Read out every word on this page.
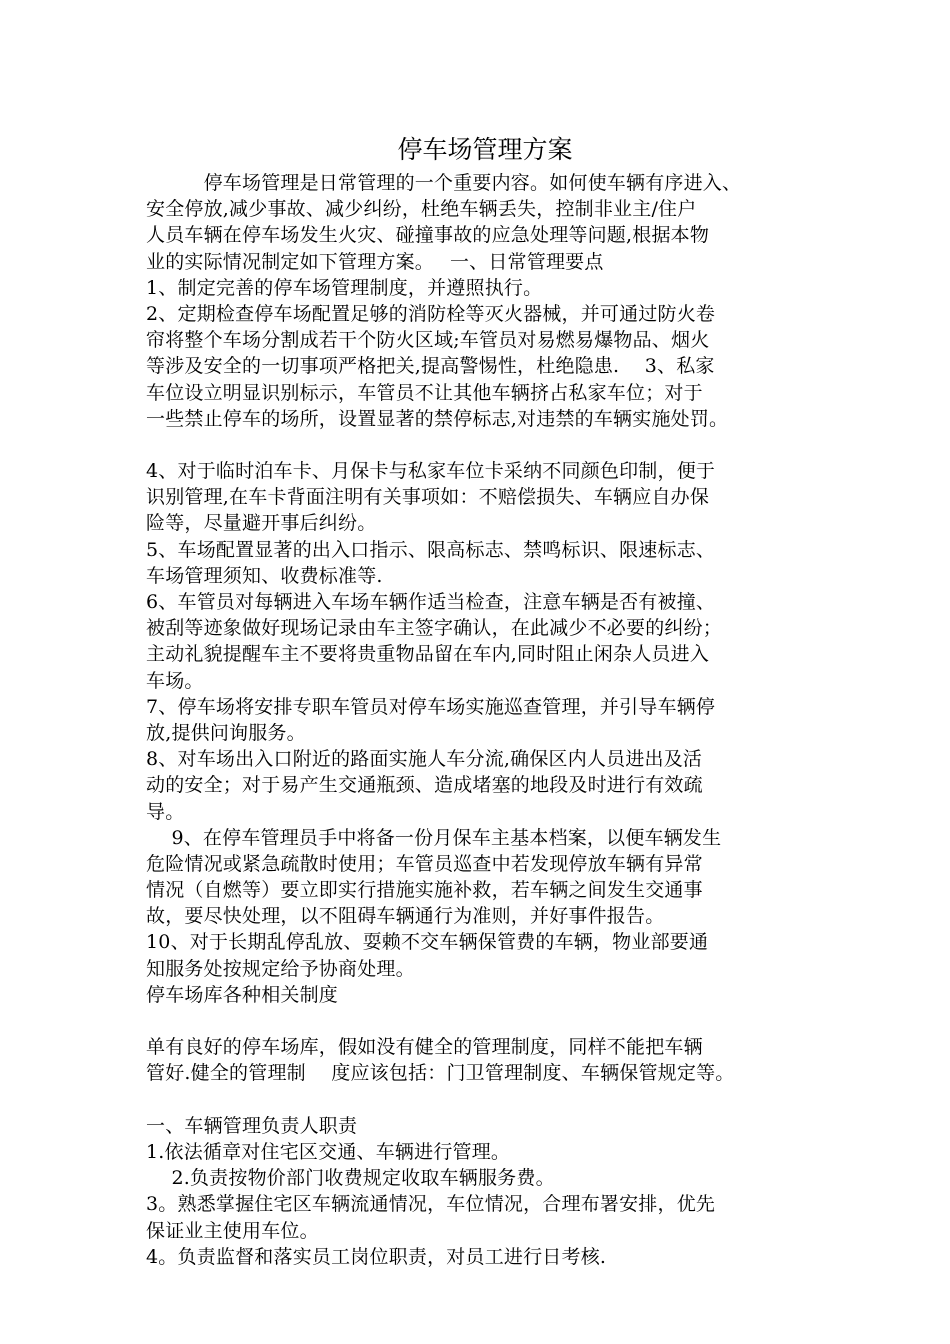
停车场管理方案
　　　停车场管理是日常管理的一个重要内容。如何使车辆有序进入、
安全停放,减少事故、减少纠纷，杜绝车辆丢失，控制非业主/住户
人员车辆在停车场发生火灾、碰撞事故的应急处理等问题,根据本物
业的实际情况制定如下管理方案。　 一、日常管理要点
1、制定完善的停车场管理制度，并遵照执行。
2、定期检查停车场配置足够的消防栓等灭火器械，并可通过防火卷
帘将整个车场分割成若干个防火区域;车管员对易燃易爆物品、烟火
等涉及安全的一切事项严格把关,提高警惕性，杜绝隐患.　 3、私家
车位设立明显识别标示，车管员不让其他车辆挤占私家车位；对于
一些禁止停车的场所，设置显著的禁停标志,对违禁的车辆实施处罚。
4、对于临时泊车卡、月保卡与私家车位卡采纳不同颜色印制，便于
识别管理,在车卡背面注明有关事项如：不赔偿损失、车辆应自办保
险等，尽量避开事后纠纷。
5、车场配置显著的出入口指示、限高标志、禁鸣标识、限速标志、
车场管理须知、收费标准等.
6、车管员对每辆进入车场车辆作适当检查，注意车辆是否有被撞、
被刮等迹象做好现场记录由车主签字确认，在此减少不必要的纠纷；
主动礼貌提醒车主不要将贵重物品留在车内,同时阻止闲杂人员进入
车场。
7、停车场将安排专职车管员对停车场实施巡查管理，并引导车辆停
放,提供问询服务。
8、对车场出入口附近的路面实施人车分流,确保区内人员进出及活
动的安全；对于易产生交通瓶颈、造成堵塞的地段及时进行有效疏
导。
　 9、在停车管理员手中将备一份月保车主基本档案，以便车辆发生
危险情况或紧急疏散时使用；车管员巡查中若发现停放车辆有异常
情况（自燃等）要立即实行措施实施补救，若车辆之间发生交通事
故，要尽快处理，以不阻碍车辆通行为准则，并好事件报告。
10、对于长期乱停乱放、耍赖不交车辆保管费的车辆，物业部要通
知服务处按规定给予协商处理。
停车场库各种相关制度
单有良好的停车场库，假如没有健全的管理制度，同样不能把车辆
管好.健全的管理制　 度应该包括：门卫管理制度、车辆保管规定等。
一、车辆管理负责人职责
1.依法循章对住宅区交通、车辆进行管理。
　 2.负责按物价部门收费规定收取车辆服务费。
3。熟悉掌握住宅区车辆流通情况，车位情况，合理布署安排，优先
保证业主使用车位。
4。负责监督和落实员工岗位职责，对员工进行日考核.
